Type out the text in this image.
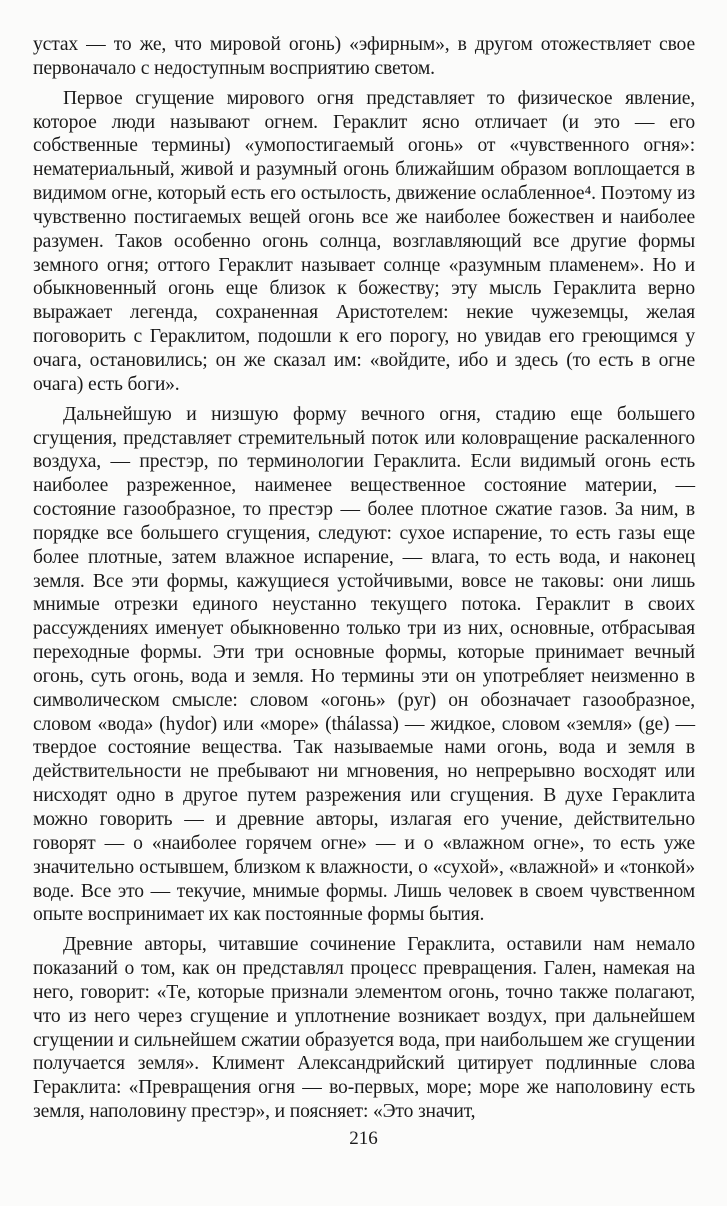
устах — то же, что мировой огонь) «эфирным», в другом отожествляет свое первоначало с недоступным восприятию светом.

Первое сгущение мирового огня представляет то физическое явление, которое люди называют огнем. Гераклит ясно отличает (и это — его собственные термины) «умопостигаемый огонь» от «чувственного огня»: нематериальный, живой и разумный огонь ближайшим образом воплощается в видимом огне, который есть его остылость, движение ослабленное⁴. Поэтому из чувственно постигаемых вещей огонь все же наиболее божествен и наиболее разумен. Таков особенно огонь солнца, возглавляющий все другие формы земного огня; оттого Гераклит называет солнце «разумным пламенем». Но и обыкновенный огонь еще близок к божеству; эту мысль Гераклита верно выражает легенда, сохраненная Аристотелем: некие чужеземцы, желая поговорить с Гераклитом, подошли к его порогу, но увидав его греющимся у очага, остановились; он же сказал им: «войдите, ибо и здесь (то есть в огне очага) есть боги».

Дальнейшую и низшую форму вечного огня, стадию еще большего сгущения, представляет стремительный поток или коловращение раскаленного воздуха, — престэр, по терминологии Гераклита. Если видимый огонь есть наиболее разреженное, наименее вещественное состояние материи, — состояние газообразное, то престэр — более плотное сжатие газов. За ним, в порядке все большего сгущения, следуют: сухое испарение, то есть газы еще более плотные, затем влажное испарение, — влага, то есть вода, и наконец земля. Все эти формы, кажущиеся устойчивыми, вовсе не таковы: они лишь мнимые отрезки единого неустанно текущего потока. Гераклит в своих рассуждениях именует обыкновенно только три из них, основные, отбрасывая переходные формы. Эти три основные формы, которые принимает вечный огонь, суть огонь, вода и земля. Но термины эти он употребляет неизменно в символическом смысле: словом «огонь» (pyr) он обозначает газообразное, словом «вода» (hydor) или «море» (thálassa) — жидкое, словом «земля» (ge) — твердое состояние вещества. Так называемые нами огонь, вода и земля в действительности не пребывают ни мгновения, но непрерывно восходят или нисходят одно в другое путем разрежения или сгущения. В духе Гераклита можно говорить — и древние авторы, излагая его учение, действительно говорят — о «наиболее горячем огне» — и о «влажном огне», то есть уже значительно остывшем, близком к влажности, о «сухой», «влажной» и «тонкой» воде. Все это — текучие, мнимые формы. Лишь человек в своем чувственном опыте воспринимает их как постоянные формы бытия.

Древние авторы, читавшие сочинение Гераклита, оставили нам немало показаний о том, как он представлял процесс превращения. Гален, намекая на него, говорит: «Те, которые признали элементом огонь, точно также полагают, что из него через сгущение и уплотнение возникает воздух, при дальнейшем сгущении и сильнейшем сжатии образуется вода, при наибольшем же сгущении получается земля». Климент Александрийский цитирует подлинные слова Гераклита: «Превращения огня — во-первых, море; море же наполовину есть земля, наполовину престэр», и поясняет: «Это значит,

216
